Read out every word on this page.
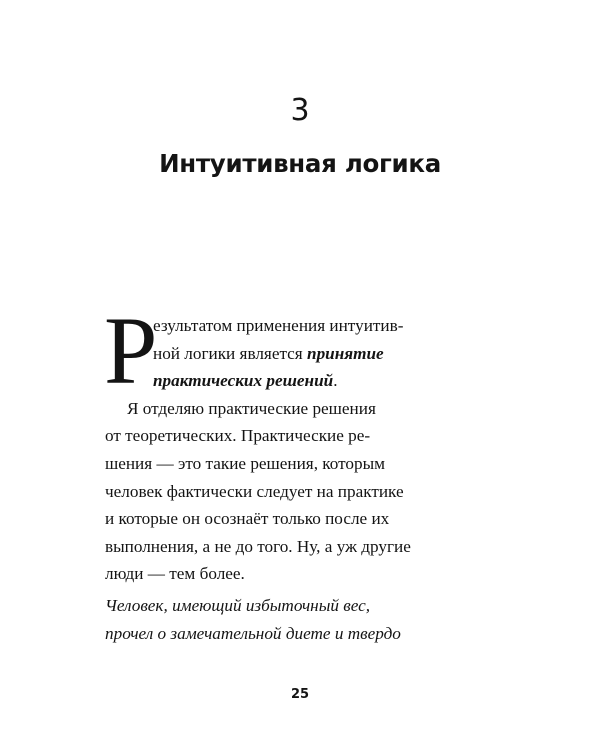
3
Интуитивная логика
Р
езультатом применения интуитив-
ной логики является принятие
практических решений.
Я отделяю практические решения
от теоретических. Практические ре-
шения — это такие решения, которым
человек фактически следует на практике
и которые он осознаёт только после их
выполнения, а не до того. Ну, а уж другие
люди — тем более.
Человек, имеющий избыточный вес,
прочел о замечательной диете и твердо
25
